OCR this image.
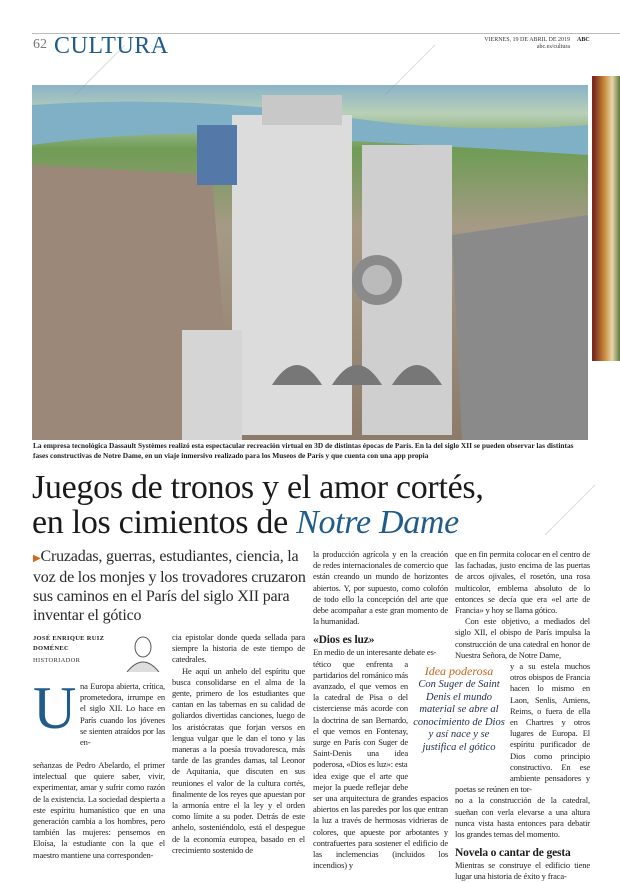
62 CULTURA	VIERNES, 19 DE ABRIL DE 2019
abc.es/cultura
ABC
La empresa tecnológica Dassault Systèmes realizó esta espectacular recreación virtual en 3D de distintas épocas de París. En la del siglo XII se pueden observar las distintas fases constructivas de Notre Dame, en un viaje inmersivo realizado para los Museos de París y que cuenta con una app propia
Juegos de tronos y el amor cortés,
en los cimientos de Notre Dame
▶Cruzadas, guerras, estudiantes, ciencia, la voz de los monjes y los trovadores cruzaron sus caminos en el París del siglo XII para inventar el gótico
JOSÉ ENRIQUE RUIZ DOMÉNEC
HISTORIADOR
U na Europa abierta, crítica, prometedora, irrumpe en el siglo XII. Lo hace en París cuando los jóvenes se sienten atraídos por las en-
señanzas de Pedro Abelardo, el primer intelectual que quiere saber, vivir, experimentar, amar y sufrir como razón de la existencia. La sociedad despierta a este espíritu humanístico que en una generación cambia a los hombres, pero también las mujeres: pensemos en Eloísa, la estudiante con la que el maestro mantiene una corresponden-

cia epistolar donde queda sellada para siempre la historia de este tiempo de catedrales.

He aquí un anhelo del espíritu que busca consolidarse en el alma de la gente, primero de los estudiantes que cantan en las tabernas en su calidad de goliardos divertidas canciones, luego de los aristócratas que forjan versos en lengua vulgar que le dan el tono y las maneras a la poesía trovadoresca, más tarde de las grandes damas, tal Leonor de Aquitania, que discuten en sus reuniones el valor de la cultura cortés, finalmente de los reyes que apuestan por la armonía entre el la ley y el orden como límite a su poder. Detrás de este anhelo, sosteniéndolo, está el despegue de la economía europea, basado en el crecimiento sostenido de

la producción agrícola y en la creación de redes internacionales de comercio que están creando un mundo de horizontes abiertos. Y, por supuesto, como colofón de todo ello la concepción del arte que debe acompañar a este gran momento de la humanidad.

«Dios es luz»

En medio de un interesante debate es-

tético que enfrenta a partidarios del románico más avanzado, el que vemos en la catedral de Pisa o del cisterciense más acorde con la doctrina de san Bernardo, el que vemos en Fontenay, surge en París con Suger de Saint-Denis una idea poderosa, «Dios es luz»: esta

idea exige que el arte que mejor la puede reflejar debe ser una arquitectura de grandes espacios abiertos en las paredes por los que entran la luz a través de hermosas vidrieras de colores, que apueste por arbotantes y contrafuertes para sostener el edificio de las inclemencias (incluidos los incendios) y

Idea poderosa
Con Suger de Saint Denis el mundo material se abre al conocimiento de Dios y así nace y se justifica el gótico

que en fin permita colocar en el centro de las fachadas, justo encima de las puertas de arcos ojivales, el rosetón, una rosa multicolor, emblema absoluto de lo entonces se decía que era «el arte de Francia» y hoy se llama gótico.

Con este objetivo, a mediados del siglo XII, el obispo de París impulsa la construcción de una catedral en honor de Nuestra Señora, de Notre Dame,

y a su estela muchos otros obispos de Francia hacen lo mismo en Laon, Senlis, Amiens, Reims, o fuera de ella en Chartres y otros lugares de Europa. El espíritu purificador de Dios como principio constructivo. En ese ambiente pensadores y poetas se reúnen en tor-

no a la construcción de la catedral, sueñan con verla elevarse a una altura nunca vista hasta entonces para debatir los grandes temas del momento.

Novela o cantar de gesta

Mientras se construye el edificio tiene lugar una historia de éxito y fraca-
